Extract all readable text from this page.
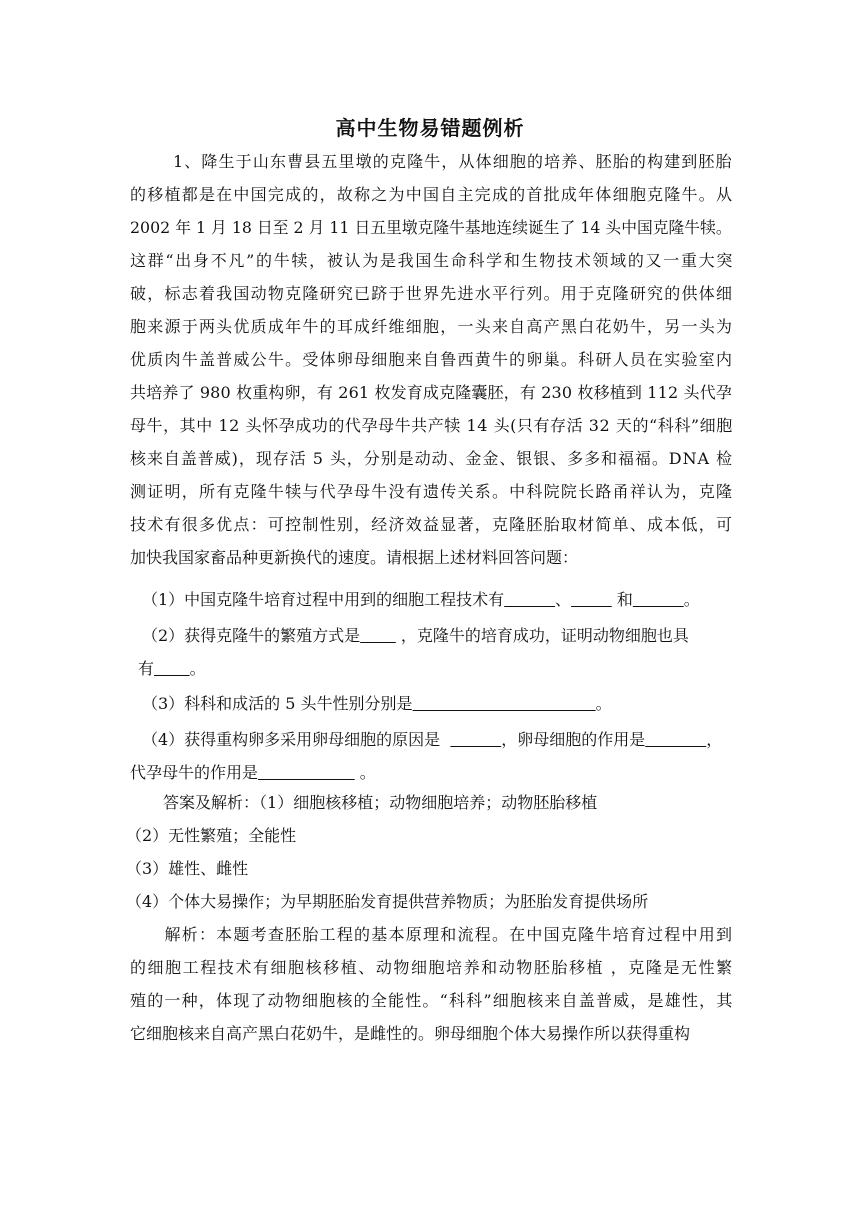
高中生物易错题例析
　　  1、降生于山东曹县五里墩的克隆牛，从体细胞的培养、胚胎的构建到胚胎
的移植都是在中国完成的，故称之为中国自主完成的首批成年体细胞克隆牛。从
2002 年 1 月 18 日至 2 月 11 日五里墩克隆牛基地连续诞生了 14 头中国克隆牛犊。
这群“出身不凡”的牛犊，被认为是我国生命科学和生物技术领域的又一重大突
破，标志着我国动物克隆研究已跻于世界先进水平行列。用于克隆研究的供体细
胞来源于两头优质成年牛的耳成纤维细胞，一头来自高产黑白花奶牛，另一头为
优质肉牛盖普威公牛。受体卵母细胞来自鲁西黄牛的卵巢。科研人员在实验室内
共培养了 980 枚重构卵，有 261 枚发育成克隆囊胚，有 230 枚移植到 112 头代孕
母牛，其中 12 头怀孕成功的代孕母牛共产犊 14 头(只有存活 32 天的“科科”细胞
核来自盖普威)，现存活 5 头，分别是动动、金金、银银、多多和福福。DNA 检
测证明，所有克隆牛犊与代孕母牛没有遗传关系。中科院院长路甬祥认为，克隆
技术有很多优点：可控制性别，经济效益显著，克隆胚胎取材简单、成本低，可
加快我国家畜品种更新换代的速度。请根据上述材料回答问题：
（1）中国克隆牛培育过程中用到的细胞工程技术有	、	和	。
（2）获得克隆牛的繁殖方式是        ，克隆牛的培育成功，证明动物细胞也具
有 。
（3）科科和成活的 5 头牛性别分别是	。
（4）获得重构卵多采用卵母细胞的原因是	，卵母细胞的作用是	，
代孕母牛的作用是	。
答案及解析：（1）细胞核移植；动物细胞培养；动物胚胎移植
（2）无性繁殖；全能性
（3）雄性、雌性
（4）个体大易操作；为早期胚胎发育提供营养物质；为胚胎发育提供场所
　　解析：本题考查胚胎工程的基本原理和流程。在中国克隆牛培育过程中用到
的细胞工程技术有细胞核移植、动物细胞培养和动物胚胎移植 ，克隆是无性繁
殖的一种，体现了动物细胞核的全能性。“科科”细胞核来自盖普威，是雄性，其
它细胞核来自高产黑白花奶牛，是雌性的。卵母细胞个体大易操作所以获得重构
